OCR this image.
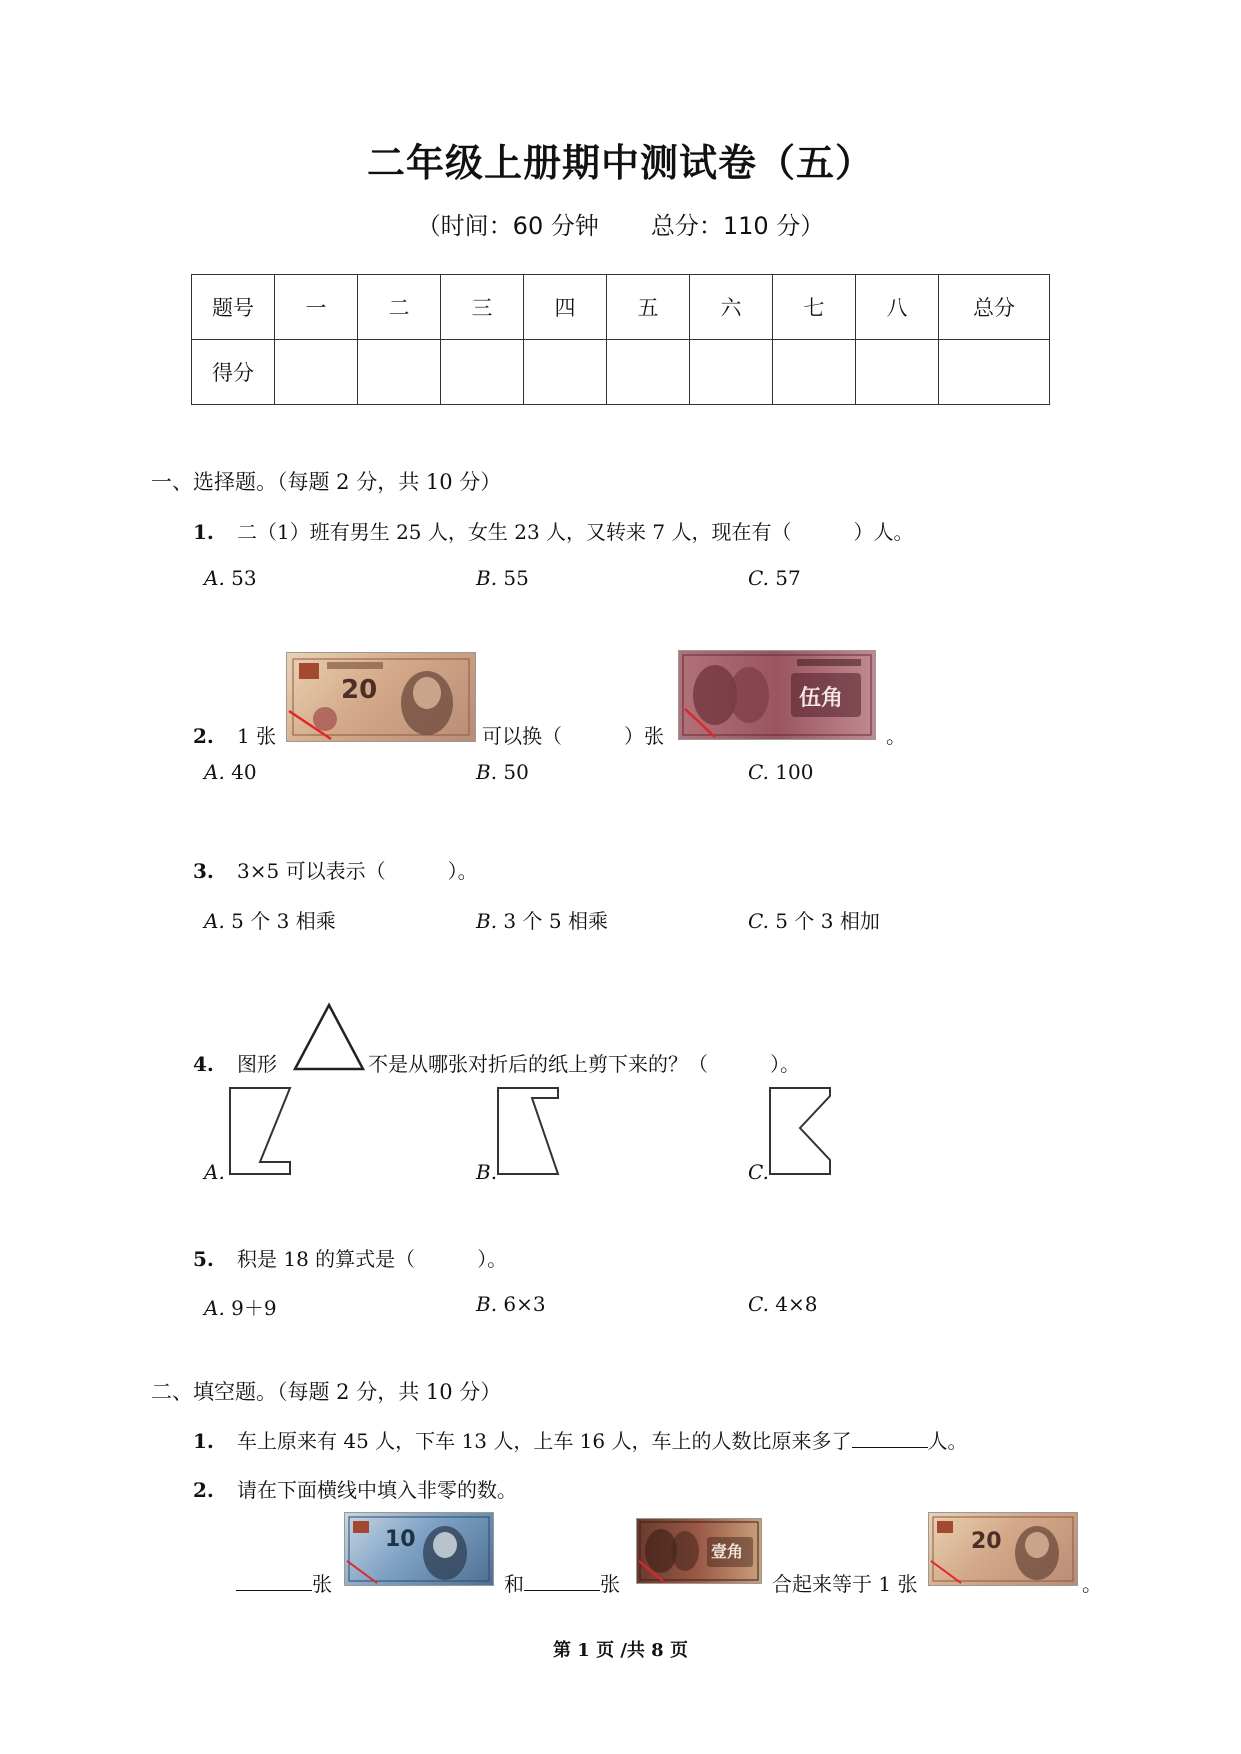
二年级上册期中测试卷（五）
（时间：60 分钟 总分：110 分）
题号	一	二	三	四	五	六	七	八	总分
得分									
一、选择题。（每题 2 分，共 10 分）
1. 二（1）班有男生 25 人，女生 23 人，又转来 7 人，现在有（	）人。
A. 53	B. 55	C. 57
2. 1 张
20
可以换（	）张
伍角
。
A. 40	B. 50	C. 100
3. 3×5 可以表示（	）。
A. 5 个 3 相乘	B. 3 个 5 相乘	C. 5 个 3 相加
4. 图形	不是从哪张对折后的纸上剪下来的？（	）。
A.	B.	C.
5. 积是 18 的算式是（	）。
A. 9＋9	B. 6×3	C. 4×8
二、填空题。（每题 2 分，共 10 分）
1. 车上原来有 45 人，下车 13 人，上车 16 人，车上的人数比原来多了	人。
2. 请在下面横线中填入非零的数。
张
10
和	张
壹角
合起来等于 1 张
20
。
第 1 页 /共 8 页
